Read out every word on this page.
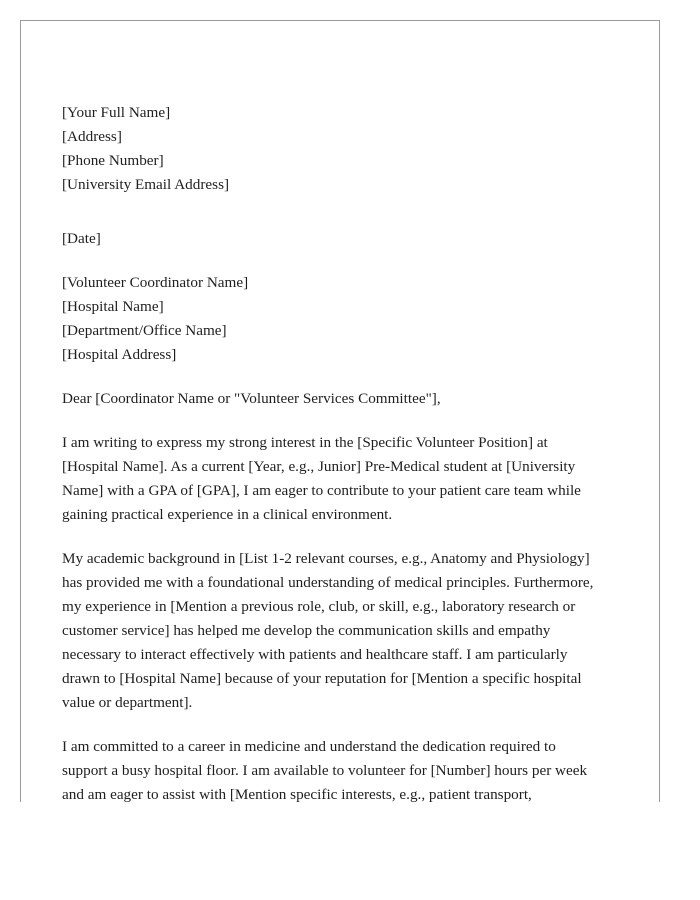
[Your Full Name]
[Address]
[Phone Number]
[University Email Address]
[Date]
[Volunteer Coordinator Name]
[Hospital Name]
[Department/Office Name]
[Hospital Address]

Dear [Coordinator Name or "Volunteer Services Committee"],

I am writing to express my strong interest in the [Specific Volunteer Position] at
[Hospital Name]. As a current [Year, e.g., Junior] Pre-Medical student at [University
Name] with a GPA of [GPA], I am eager to contribute to your patient care team while
gaining practical experience in a clinical environment.

My academic background in [List 1-2 relevant courses, e.g., Anatomy and Physiology]
has provided me with a foundational understanding of medical principles. Furthermore,
my experience in [Mention a previous role, club, or skill, e.g., laboratory research or
customer service] has helped me develop the communication skills and empathy
necessary to interact effectively with patients and healthcare staff. I am particularly
drawn to [Hospital Name] because of your reputation for [Mention a specific hospital
value or department].

I am committed to a career in medicine and understand the dedication required to
support a busy hospital floor. I am available to volunteer for [Number] hours per week
and am eager to assist with [Mention specific interests, e.g., patient transport,
